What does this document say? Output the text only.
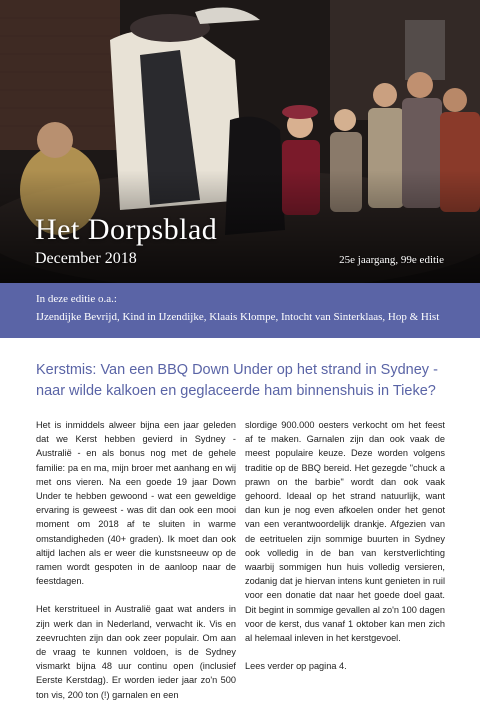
Het Dorpsblad
December 2018	25e jaargang, 99e editie
In deze editie o.a.:
IJzendijke Bevrijd, Kind in IJzendijke, Klaais Klompe, Intocht van Sinterklaas, Hop & Hist
Kerstmis: Van een BBQ Down Under op het strand in Sydney - naar wilde kalkoen en geglaceerde ham binnenshuis in Tieke?

Het is inmiddels alweer bijna een jaar geleden dat we Kerst hebben gevierd in Sydney - Australië - en als bonus nog met de gehele familie: pa en ma, mijn broer met aanhang en wij met ons vieren. Na een goede 19 jaar Down Under te hebben gewoond - wat een geweldige ervaring is geweest - was dit dan ook een mooi moment om 2018 af te sluiten in warme omstandigheden (40+ graden). Ik moet dan ook altijd lachen als er weer die kunstsneeuw op de ramen wordt gespoten in de aanloop naar de feestdagen.

Het kerstritueel in Australië gaat wat anders in zijn werk dan in Nederland, verwacht ik. Vis en zeevruchten zijn dan ook zeer populair. Om aan de vraag te kunnen voldoen, is de Sydney vismarkt bijna 48 uur continu open (inclusief Eerste Kerstdag). Er worden ieder jaar zo'n 500 ton vis, 200 ton (!) garnalen en een

slordige 900.000 oesters verkocht om het feest af te maken. Garnalen zijn dan ook vaak de meest populaire keuze. Deze worden volgens traditie op de BBQ bereid. Het gezegde "chuck a prawn on the barbie" wordt dan ook vaak gehoord. Ideaal op het strand natuurlijk, want dan kun je nog even afkoelen onder het genot van een verantwoordelijk drankje. Afgezien van de eetrituelen zijn sommige buurten in Sydney ook volledig in de ban van kerstverlichting waarbij sommigen hun huis volledig versieren, zodanig dat je hiervan intens kunt genieten in ruil voor een donatie dat naar het goede doel gaat. Dit begint in sommige gevallen al zo'n 100 dagen voor de kerst, dus vanaf 1 oktober kan men zich al helemaal inleven in het kerstgevoel.

Lees verder op pagina 4.
